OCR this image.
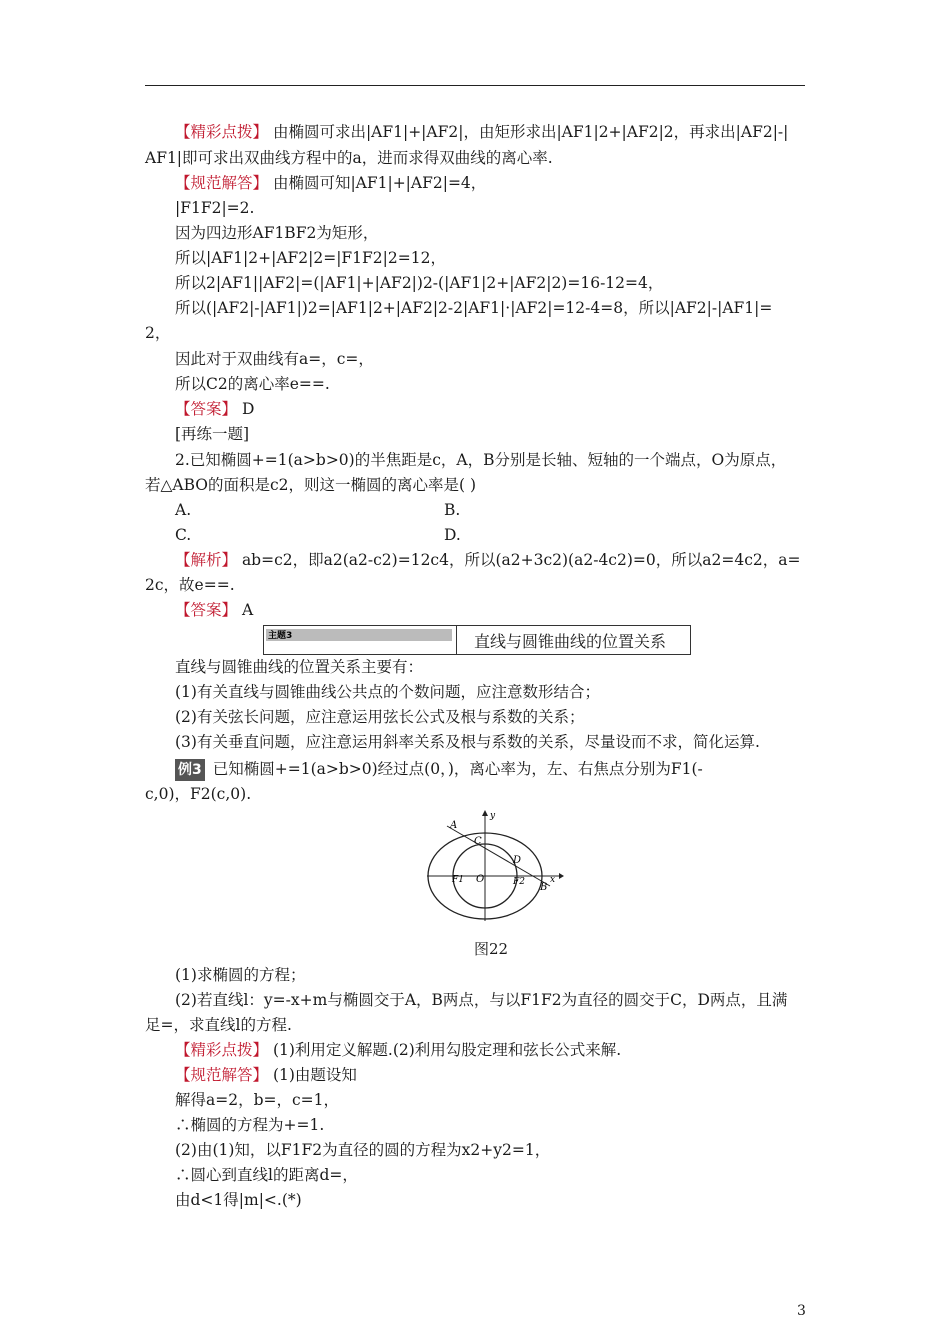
【精彩点拨】 由椭圆可求出|AF1|+|AF2|，由矩形求出|AF1|2+|AF2|2，再求出|AF2|-|
AF1|即可求出双曲线方程中的a，进而求得双曲线的离心率.
【规范解答】 由椭圆可知|AF1|+|AF2|=4，
|F1F2|=2.
因为四边形AF1BF2为矩形，
所以|AF1|2+|AF2|2=|F1F2|2=12，
所以2|AF1||AF2|=(|AF1|+|AF2|)2-(|AF1|2+|AF2|2)=16-12=4，
所以(|AF2|-|AF1|)2=|AF1|2+|AF2|2-2|AF1|·|AF2|=12-4=8，所以|AF2|-|AF1|=
2，
因此对于双曲线有a=，c=，
所以C2的离心率e==.
【答案】 D
[再练一题]
2.已知椭圆+=1(a>b>0)的半焦距是c，A，B分别是长轴、短轴的一个端点，O为原点，
若△ABO的面积是c2，则这一椭圆的离心率是( )
A.	B.
C.	D.
【解析】 ab=c2，即a2(a2-c2)=12c4，所以(a2+3c2)(a2-4c2)=0，所以a2=4c2，a=
2c，故e==.
【答案】 A
主题3	直线与圆锥曲线的位置关系
直线与圆锥曲线的位置关系主要有：
(1)有关直线与圆锥曲线公共点的个数问题，应注意数形结合；
(2)有关弦长问题，应注意运用弦长公式及根与系数的关系；
(3)有关垂直问题，应注意运用斜率关系及根与系数的关系，尽量设而不求，简化运算.
例3 已知椭圆+=1(a>b>0)经过点(0，)，离心率为，左、右焦点分别为F1(-
c,0)，F2(c,0).
A
B
C
D
O
F1	F2	x
y
图22
(1)求椭圆的方程；
(2)若直线l：y=-x+m与椭圆交于A，B两点，与以F1F2为直径的圆交于C，D两点，且满
足=，求直线l的方程.
【精彩点拨】 (1)利用定义解题.(2)利用勾股定理和弦长公式来解.
【规范解答】 (1)由题设知
解得a=2，b=，c=1，
∴椭圆的方程为+=1.
(2)由(1)知，以F1F2为直径的圆的方程为x2+y2=1，
∴圆心到直线l的距离d=，
由d<1得|m|<.(*)
3
